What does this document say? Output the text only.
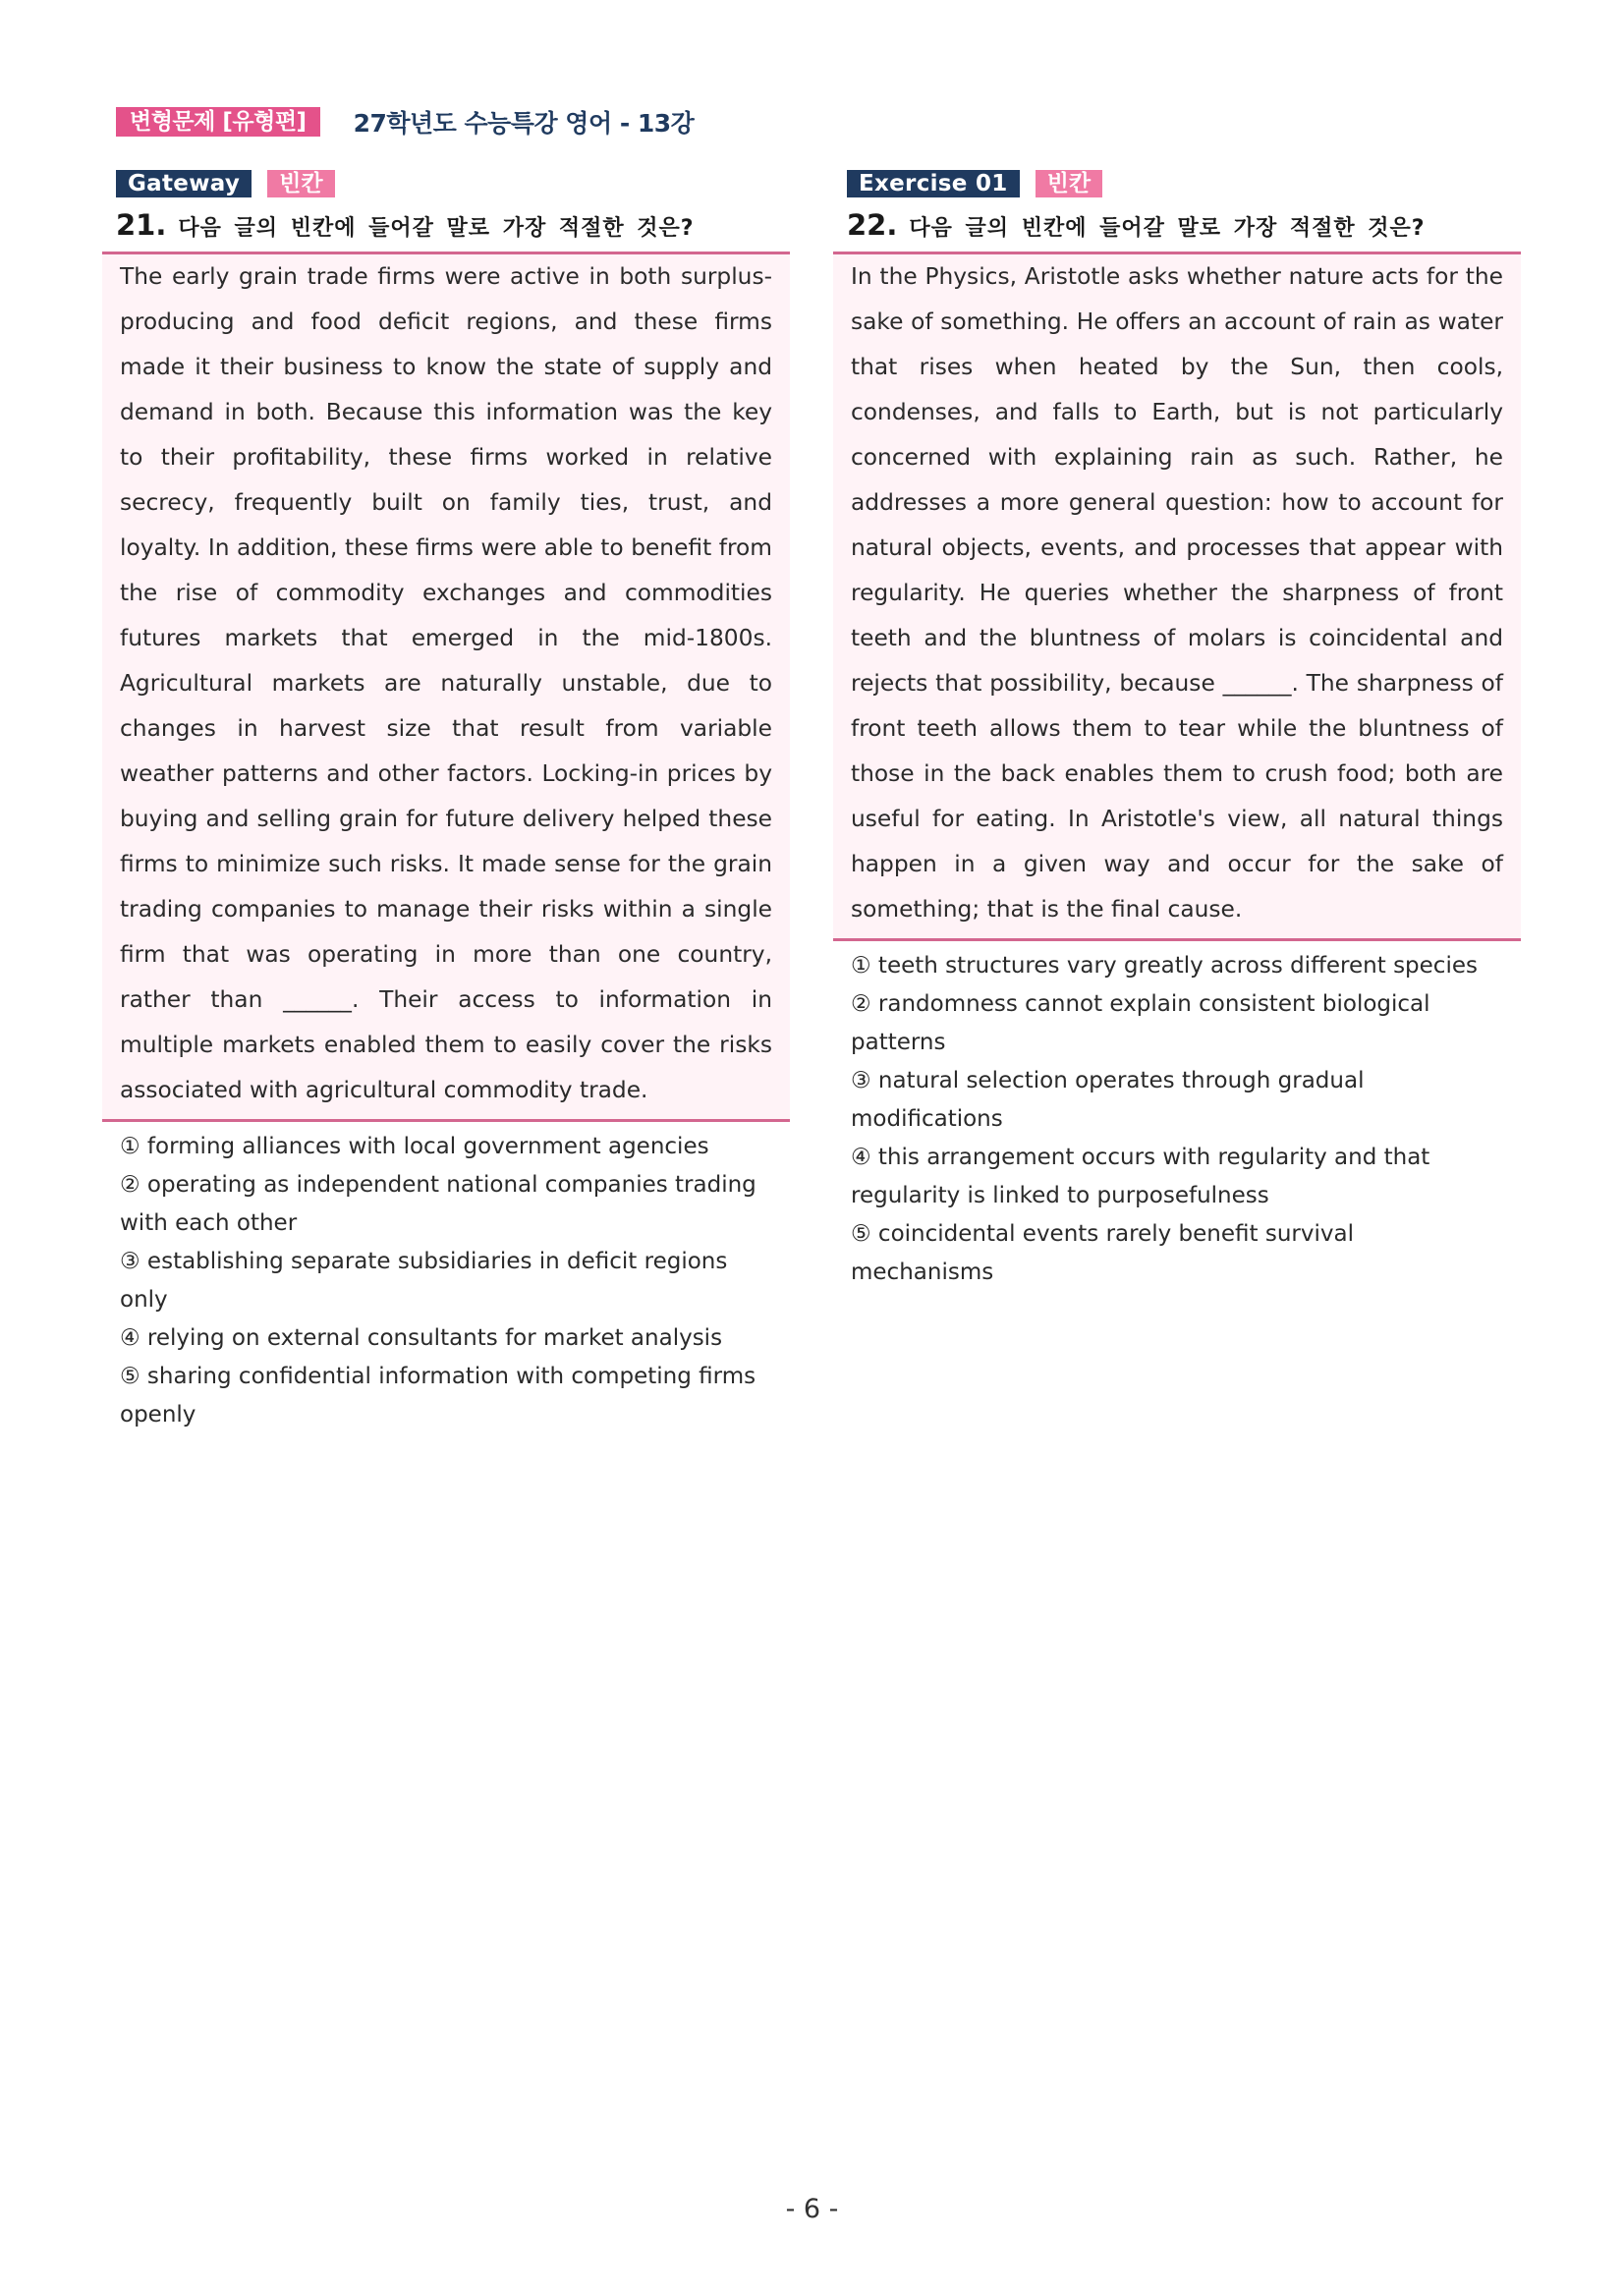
변형문제 [유형편]	27학년도 수능특강 영어 - 13강
Gateway	빈칸
21. 다음 글의 빈칸에 들어갈 말로 가장 적절한 것은?
The early grain trade firms were active in both surplus-producing and food deficit regions, and these firms made it their business to know the state of supply and demand in both. Because this information was the key to their profitability, these firms worked in relative secrecy, frequently built on family ties, trust, and loyalty. In addition, these firms were able to benefit from the rise of commodity exchanges and commodities futures markets that emerged in the mid-1800s. Agricultural markets are naturally unstable, due to changes in harvest size that result from variable weather patterns and other factors. Locking-in prices by buying and selling grain for future delivery helped these firms to minimize such risks. It made sense for the grain trading companies to manage their risks within a single firm that was operating in more than one country, rather than ______. Their access to information in multiple markets enabled them to easily cover the risks associated with agricultural commodity trade.

① forming alliances with local government agencies

② operating as independent national companies trading with each other

③ establishing separate subsidiaries in deficit regions only

④ relying on external consultants for market analysis

⑤ sharing confidential information with competing firms openly

Exercise 01	빈칸
22. 다음 글의 빈칸에 들어갈 말로 가장 적절한 것은?
In the Physics, Aristotle asks whether nature acts for the sake of something. He offers an account of rain as water that rises when heated by the Sun, then cools, condenses, and falls to Earth, but is not particularly concerned with explaining rain as such. Rather, he addresses a more general question: how to account for natural objects, events, and processes that appear with regularity. He queries whether the sharpness of front teeth and the bluntness of molars is coincidental and rejects that possibility, because ______. The sharpness of front teeth allows them to tear while the bluntness of those in the back enables them to crush food; both are useful for eating. In Aristotle's view, all natural things happen in a given way and occur for the sake of something; that is the final cause.

① teeth structures vary greatly across different species

② randomness cannot explain consistent biological patterns

③ natural selection operates through gradual modifications

④ this arrangement occurs with regularity and that regularity is linked to purposefulness

⑤ coincidental events rarely benefit survival mechanisms

- 6 -
